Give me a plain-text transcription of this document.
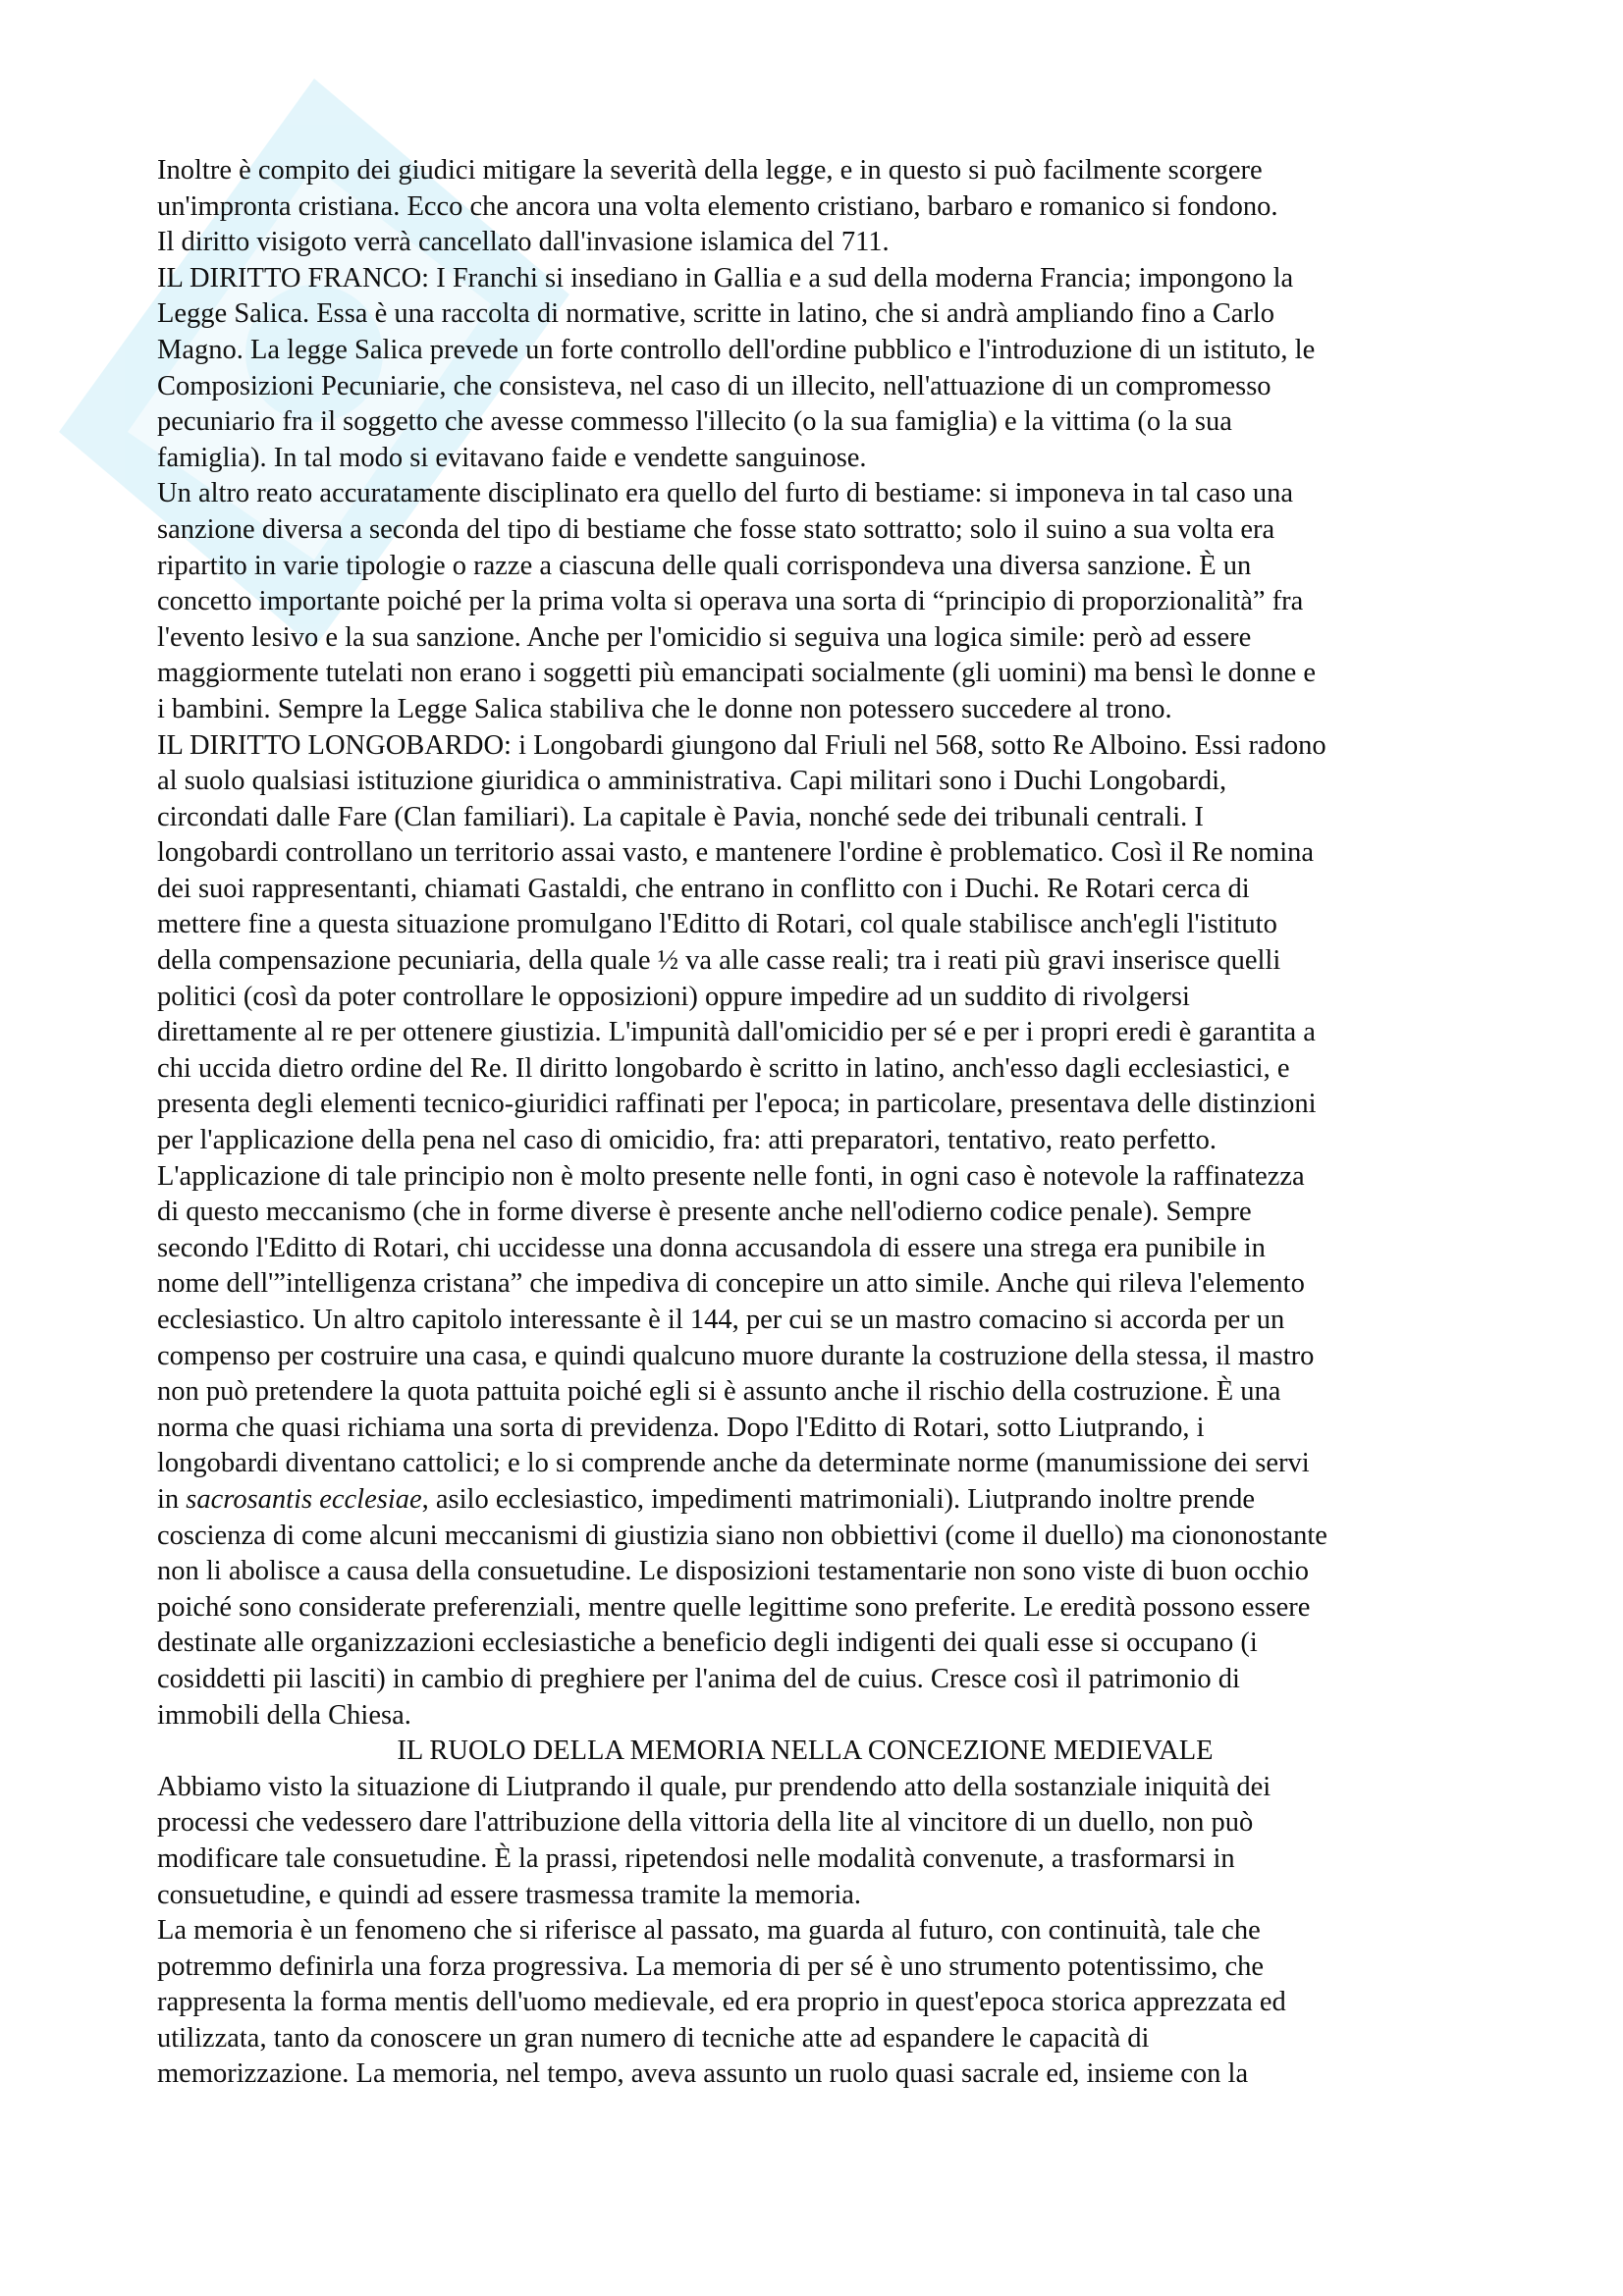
Inoltre è compito dei giudici mitigare la severità della legge, e in questo si può facilmente scorgere
un'impronta cristiana. Ecco che ancora una volta elemento cristiano, barbaro e romanico si fondono.
Il diritto visigoto verrà cancellato dall'invasione islamica del 711.

IL DIRITTO FRANCO: I Franchi si insediano in Gallia e a sud della moderna Francia; impongono la
Legge Salica. Essa è una raccolta di normative, scritte in latino, che si andrà ampliando fino a Carlo
Magno. La legge Salica prevede un forte controllo dell'ordine pubblico e l'introduzione di un istituto, le
Composizioni Pecuniarie, che consisteva, nel caso di un illecito, nell'attuazione di un compromesso
pecuniario fra il soggetto che avesse commesso l'illecito (o la sua famiglia) e la vittima (o la sua
famiglia). In tal modo si evitavano faide e vendette sanguinose.

Un altro reato accuratamente disciplinato era quello del furto di bestiame: si imponeva in tal caso una
sanzione diversa a seconda del tipo di bestiame che fosse stato sottratto; solo il suino a sua volta era
ripartito in varie tipologie o razze a ciascuna delle quali corrispondeva una diversa sanzione. È un
concetto importante poiché per la prima volta si operava una sorta di “principio di proporzionalità” fra
l'evento lesivo e la sua sanzione. Anche per l'omicidio si seguiva una logica simile: però ad essere
maggiormente tutelati non erano i soggetti più emancipati socialmente (gli uomini) ma bensì le donne e
i bambini. Sempre la Legge Salica stabiliva che le donne non potessero succedere al trono.

IL DIRITTO LONGOBARDO: i Longobardi giungono dal Friuli nel 568, sotto Re Alboino. Essi radono
al suolo qualsiasi istituzione giuridica o amministrativa. Capi militari sono i Duchi Longobardi,
circondati dalle Fare (Clan familiari). La capitale è Pavia, nonché sede dei tribunali centrali. I
longobardi controllano un territorio assai vasto, e mantenere l'ordine è problematico. Così il Re nomina
dei suoi rappresentanti, chiamati Gastaldi, che entrano in conflitto con i Duchi. Re Rotari cerca di
mettere fine a questa situazione promulgano l'Editto di Rotari, col quale stabilisce anch'egli l'istituto
della compensazione pecuniaria, della quale ½ va alle casse reali; tra i reati più gravi inserisce quelli
politici (così da poter controllare le opposizioni) oppure impedire ad un suddito di rivolgersi
direttamente al re per ottenere giustizia. L'impunità dall'omicidio per sé e per i propri eredi è garantita a
chi uccida dietro ordine del Re. Il diritto longobardo è scritto in latino, anch'esso dagli ecclesiastici, e
presenta degli elementi tecnico-giuridici raffinati per l'epoca; in particolare, presentava delle distinzioni
per l'applicazione della pena nel caso di omicidio, fra: atti preparatori, tentativo, reato perfetto.
L'applicazione di tale principio non è molto presente nelle fonti, in ogni caso è notevole la raffinatezza
di questo meccanismo (che in forme diverse è presente anche nell'odierno codice penale). Sempre
secondo l'Editto di Rotari, chi uccidesse una donna accusandola di essere una strega era punibile in
nome dell'”intelligenza cristana” che impediva di concepire un atto simile. Anche qui rileva l'elemento
ecclesiastico. Un altro capitolo interessante è il 144, per cui se un mastro comacino si accorda per un
compenso per costruire una casa, e quindi qualcuno muore durante la costruzione della stessa, il mastro
non può pretendere la quota pattuita poiché egli si è assunto anche il rischio della costruzione. È una
norma che quasi richiama una sorta di previdenza. Dopo l'Editto di Rotari, sotto Liutprando, i
longobardi diventano cattolici; e lo si comprende anche da determinate norme (manumissione dei servi
in sacrosantis ecclesiae, asilo ecclesiastico, impedimenti matrimoniali). Liutprando inoltre prende
coscienza di come alcuni meccanismi di giustizia siano non obbiettivi (come il duello) ma ciononostante
non li abolisce a causa della consuetudine. Le disposizioni testamentarie non sono viste di buon occhio
poiché sono considerate preferenziali, mentre quelle legittime sono preferite. Le eredità possono essere
destinate alle organizzazioni ecclesiastiche a beneficio degli indigenti dei quali esse si occupano (i
cosiddetti pii lasciti) in cambio di preghiere per l'anima del de cuius. Cresce così il patrimonio di
immobili della Chiesa.

IL RUOLO DELLA MEMORIA NELLA CONCEZIONE MEDIEVALE

Abbiamo visto la situazione di Liutprando il quale, pur prendendo atto della sostanziale iniquità dei
processi che vedessero dare l'attribuzione della vittoria della lite al vincitore di un duello, non può
modificare tale consuetudine. È la prassi, ripetendosi nelle modalità convenute, a trasformarsi in
consuetudine, e quindi ad essere trasmessa tramite la memoria.

La memoria è un fenomeno che si riferisce al passato, ma guarda al futuro, con continuità, tale che
potremmo definirla una forza progressiva. La memoria di per sé è uno strumento potentissimo, che
rappresenta la forma mentis dell'uomo medievale, ed era proprio in quest'epoca storica apprezzata ed
utilizzata, tanto da conoscere un gran numero di tecniche atte ad espandere le capacità di
memorizzazione. La memoria, nel tempo, aveva assunto un ruolo quasi sacrale ed, insieme con la
